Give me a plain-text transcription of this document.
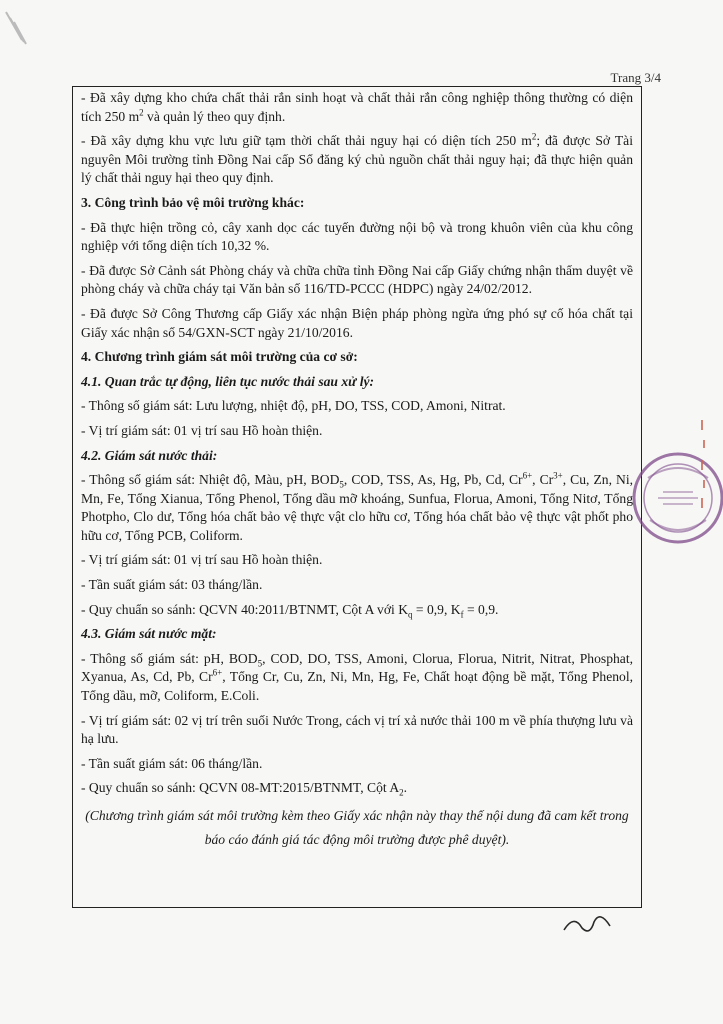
Trang 3/4

- Đã xây dựng kho chứa chất thải rắn sinh hoạt và chất thải rắn công nghiệp thông thường có diện tích 250 $m^2$ và quản lý theo quy định.

- Đã xây dựng khu vực lưu giữ tạm thời chất thải nguy hại có diện tích 250 $m^2$; đã được Sở Tài nguyên Môi trường tỉnh Đồng Nai cấp Sổ đăng ký chủ nguồn chất thải nguy hại; đã thực hiện quản lý chất thải nguy hại theo quy định.

3. Công trình bảo vệ môi trường khác:

- Đã thực hiện trồng cỏ, cây xanh dọc các tuyến đường nội bộ và trong khuôn viên của khu công nghiệp với tổng diện tích 10,32 %.

- Đã được Sở Cảnh sát Phòng cháy và chữa chữa tỉnh Đồng Nai cấp Giấy chứng nhận thẩm duyệt về phòng cháy và chữa cháy tại Văn bản số 116/TD-PCCC (HDPC) ngày 24/02/2012.

- Đã được Sở Công Thương cấp Giấy xác nhận Biện pháp phòng ngừa ứng phó sự cố hóa chất tại Giấy xác nhận số 54/GXN-SCT ngày 21/10/2016.

4. Chương trình giám sát môi trường của cơ sở:

4.1. Quan trắc tự động, liên tục nước thải sau xử lý:

- Thông số giám sát: Lưu lượng, nhiệt độ, pH, DO, TSS, COD, Amoni, Nitrat.

- Vị trí giám sát: 01 vị trí sau Hồ hoàn thiện.

4.2. Giám sát nước thải:

- Thông số giám sát: Nhiệt độ, Màu, pH, $BOD_5$, COD, TSS, As, Hg, Pb, Cd, $Cr^{6+}$, $Cr^{3+}$, Cu, Zn, Ni, Mn, Fe, Tổng Xianua, Tổng Phenol, Tổng dầu mỡ khoáng, Sunfua, Florua, Amoni, Tổng Nitơ, Tổng Photpho, Clo dư, Tổng hóa chất bảo vệ thực vật clo hữu cơ, Tổng hóa chất bảo vệ thực vật phốt pho hữu cơ, Tổng PCB, Coliform.

- Vị trí giám sát: 01 vị trí sau Hồ hoàn thiện.

- Tần suất giám sát: 03 tháng/lần.

- Quy chuẩn so sánh: QCVN 40:2011/BTNMT, Cột A với $K_q = 0,9$, $K_f = 0,9$.

4.3. Giám sát nước mặt:

- Thông số giám sát: pH, $BOD_5$, COD, DO, TSS, Amoni, Clorua, Florua, Nitrit, Nitrat, Phosphat, Xyanua, As, Cd, Pb, $Cr^{6+}$, Tổng Cr, Cu, Zn, Ni, Mn, Hg, Fe, Chất hoạt động bề mặt, Tổng Phenol, Tổng dầu, mỡ, Coliform, E.Coli.

- Vị trí giám sát: 02 vị trí trên suối Nước Trong, cách vị trí xả nước thải 100 m về phía thượng lưu và hạ lưu.

- Tần suất giám sát: 06 tháng/lần.

- Quy chuẩn so sánh: QCVN 08-MT:2015/BTNMT, Cột $A_2$.

(Chương trình giám sát môi trường kèm theo Giấy xác nhận này thay thế nội dung đã cam kết trong báo cáo đánh giá tác động môi trường được phê duyệt).
